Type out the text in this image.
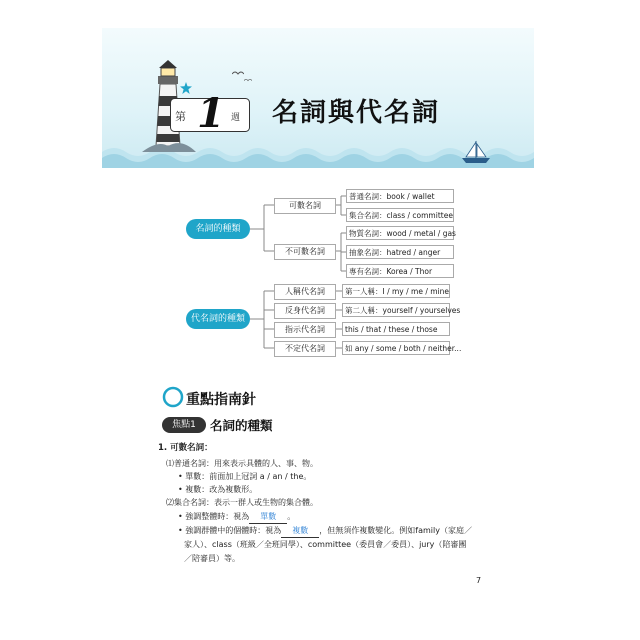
第 1 週 名詞與代名詞
名詞的種類
可數名詞
不可數名詞
普通名詞：book / wallet
集合名詞：class / committee
物質名詞：wood / metal / gas
抽象名詞：hatred / anger
專有名詞：Korea / Thor
代名詞的種類
人稱代名詞
反身代名詞
指示代名詞
不定代名詞
第一人稱：I / my / me / mine
第二人稱：yourself / yourselves
this / that / these / those
如 any / some / both / neither...
重點指南針
焦點1	名詞的種類
1. 可數名詞：
⑴普通名詞：用來表示具體的人、事、物。
• 單數：前面加上冠詞 a / an / the。
• 複數：改為複數形。
⑵集合名詞：表示一群人或生物的集合體。
• 強調整體時：視為 單數 。
• 強調群體中的個體時：視為 複數 ，但無須作複數變化。例如family（家庭／
家人）、class（班級／全班同學）、committee（委員會／委員）、jury（陪審團
／陪審員）等。
7
